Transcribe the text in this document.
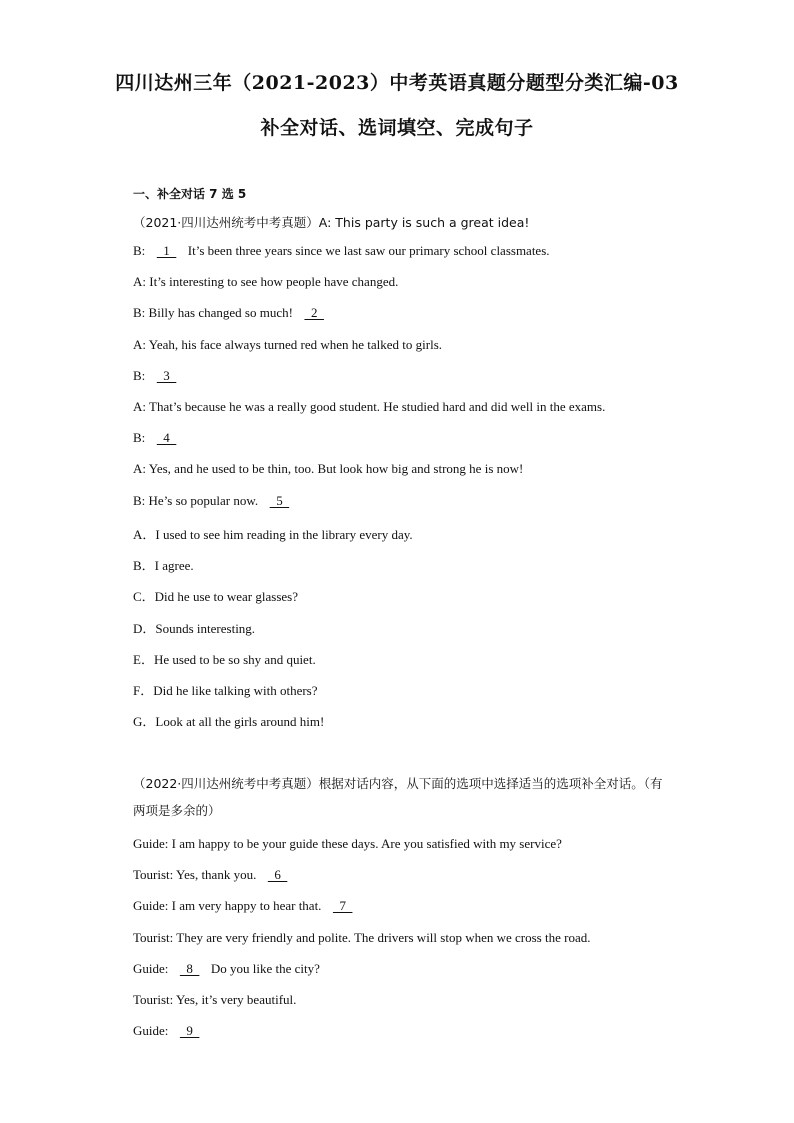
四川达州三年（2021-2023）中考英语真题分题型分类汇编-03
补全对话、选词填空、完成句子
一、补全对话 7 选 5
（2021·四川达州统考中考真题）A: This party is such a great idea!
B:   1   It’s been three years since we last saw our primary school classmates.
A: It’s interesting to see how people have changed.
B: Billy has changed so much!   2
A: Yeah, his face always turned red when he talked to girls.
B:   3
A: That’s because he was a really good student. He studied hard and did well in the exams.
B:   4
A: Yes, and he used to be thin, too. But look how big and strong he is now!
B: He’s so popular now.   5
A．I used to see him reading in the library every day.
B．I agree.
C．Did he use to wear glasses?
D．Sounds interesting.
E．He used to be so shy and quiet.
F．Did he like talking with others?
G．Look at all the girls around him!
（2022·四川达州统考中考真题）根据对话内容，从下面的选项中选择适当的选项补全对话。（有两项是多余的）
Guide: I am happy to be your guide these days. Are you satisfied with my service?
Tourist: Yes, thank you.   6
Guide: I am very happy to hear that.   7
Tourist: They are very friendly and polite. The drivers will stop when we cross the road.
Guide:   8   Do you like the city?
Tourist: Yes, it’s very beautiful.
Guide:   9
